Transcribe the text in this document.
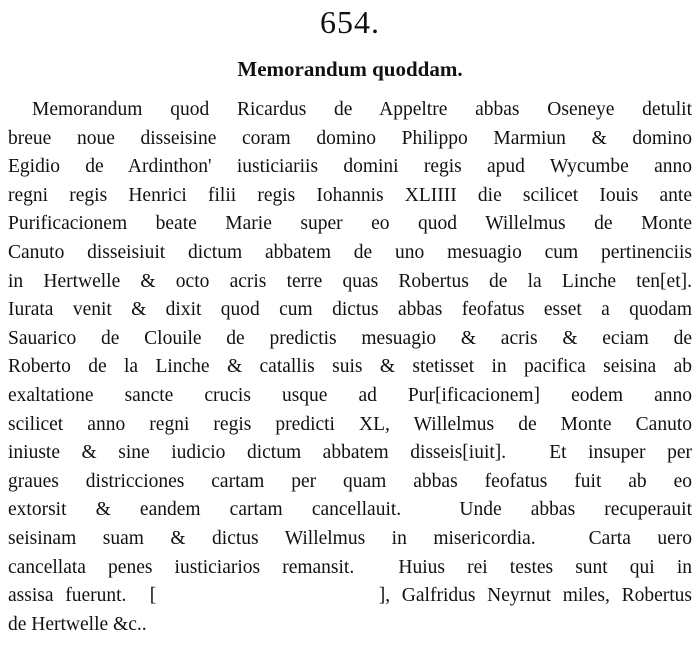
654.
Memorandum quoddam.
Memorandum quod Ricardus de Appeltre abbas Oseneye detulit
breue noue disseisine coram domino Philippo Marmiun & domino
Egidio de Ardinthon' iusticiariis domini regis apud Wycumbe anno
regni regis Henrici filii regis Iohannis XLIIII die scilicet Iouis ante
Purificacionem beate Marie super eo quod Willelmus de Monte
Canuto disseisiuit dictum abbatem de uno mesuagio cum pertinenciis
in Hertwelle & octo acris terre quas Robertus de la Linche ten[et].
Iurata venit & dixit quod cum dictus abbas feofatus esset a quodam
Sauarico de Clouile de predictis mesuagio & acris & eciam de
Roberto de la Linche & catallis suis & stetisset in pacifica seisina ab
exaltatione sancte crucis usque ad Pur[ificacionem] eodem anno
scilicet anno regni regis predicti XL, Willelmus de Monte Canuto
iniuste & sine iudicio dictum abbatem disseis[iuit].  Et insuper per
graues districciones cartam per quam abbas feofatus fuit ab eo
extorsit & eandem cartam cancellauit.  Unde abbas recuperauit
seisinam suam & dictus Willelmus in misericordia.  Carta uero
cancellata penes iusticiarios remansit.  Huius rei testes sunt qui in
assisa fuerunt.  [                   ], Galfridus Neyrnut miles, Robertus
de Hertwelle &c..
